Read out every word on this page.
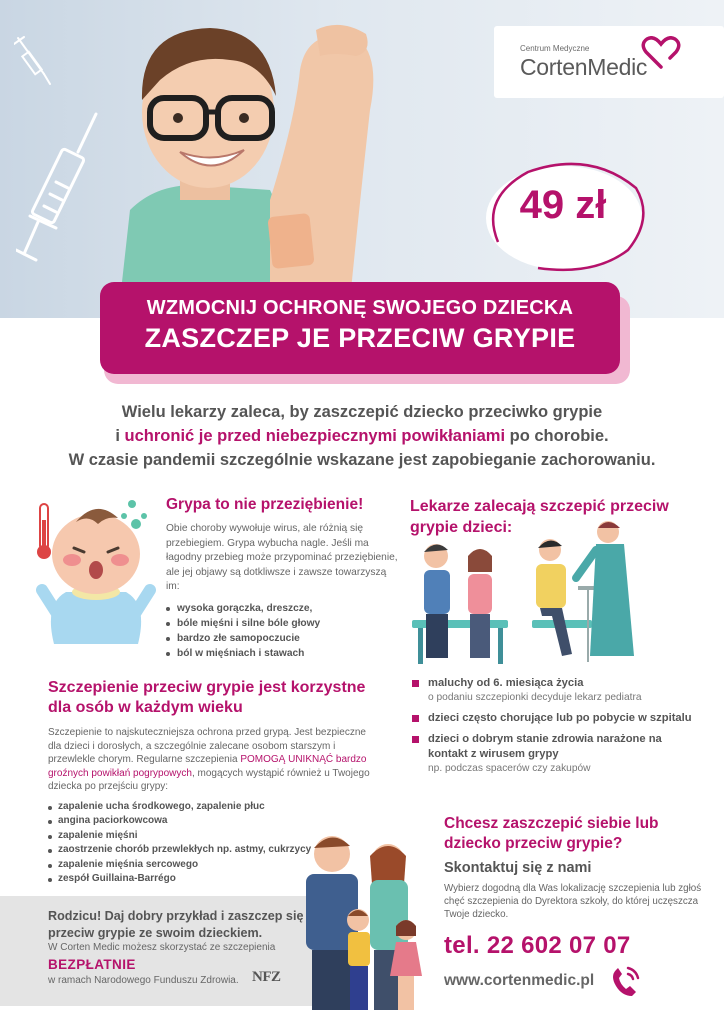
Centrum Medyczne
CortenMedic
49 zł
WZMOCNIJ OCHRONĘ SWOJEGO DZIECKA
ZASZCZEP JE PRZECIW GRYPIE
Wielu lekarzy zaleca, by zaszczepić dziecko przeciwko grypie
i uchronić je przed niebezpiecznymi powikłaniami po chorobie.
W czasie pandemii szczególnie wskazane jest zapobieganie zachorowaniu.
Grypa to nie przeziębienie!

Obie choroby wywołuje wirus, ale różnią się przebiegiem. Grypa wybucha nagle. Jeśli ma łagodny przebieg może przypominać przeziębienie, ale jej objawy są dotkliwsze i zawsze towarzyszą im:

wysoka gorączka, dreszcze,
bóle mięśni i silne bóle głowy
bardzo złe samopoczucie
ból w mięśniach i stawach
Lekarze zalecają szczepić przeciw grypie dzieci:
maluchy od 6. miesiąca życia
o podaniu szczepionki decyduje lekarz pediatra
dzieci często chorujące lub po pobycie w szpitalu
dzieci o dobrym stanie zdrowia narażone na kontakt z wirusem grypy
np. podczas spacerów czy zakupów
Szczepienie przeciw grypie jest korzystne dla osób w każdym wieku

Szczepienie to najskuteczniejsza ochrona przed grypą. Jest bezpieczne dla dzieci i dorosłych, a szczególnie zalecane osobom starszym i przewlekle chorym. Regularne szczepienia POMOGĄ UNIKNĄĆ bardzo groźnych powikłań pogrypowych, mogących wystąpić również u Twojego dziecka po przejściu grypy:

zapalenie ucha środkowego, zapalenie płuc
angina paciorkowcowa
zapalenie mięśni
zaostrzenie chorób przewlekłych np. astmy, cukrzycy
zapalenie mięśnia sercowego
zespół Guillaina-Barrégo
Rodzicu! Daj dobry przykład i zaszczep się przeciw grypie ze swoim dzieckiem.
W Corten Medic możesz skorzystać ze szczepienia
BEZPŁATNIE
w ramach Narodowego Funduszu Zdrowia. NFZ
Chcesz zaszczepić siebie lub dziecko przeciw grypie?
Skontaktuj się z nami

Wybierz dogodną dla Was lokalizację szczepienia lub zgłoś chęć szczepienia do Dyrektora szkoły, do której uczęszcza Twoje dziecko.

tel. 22 602 07 07
www.cortenmedic.pl
